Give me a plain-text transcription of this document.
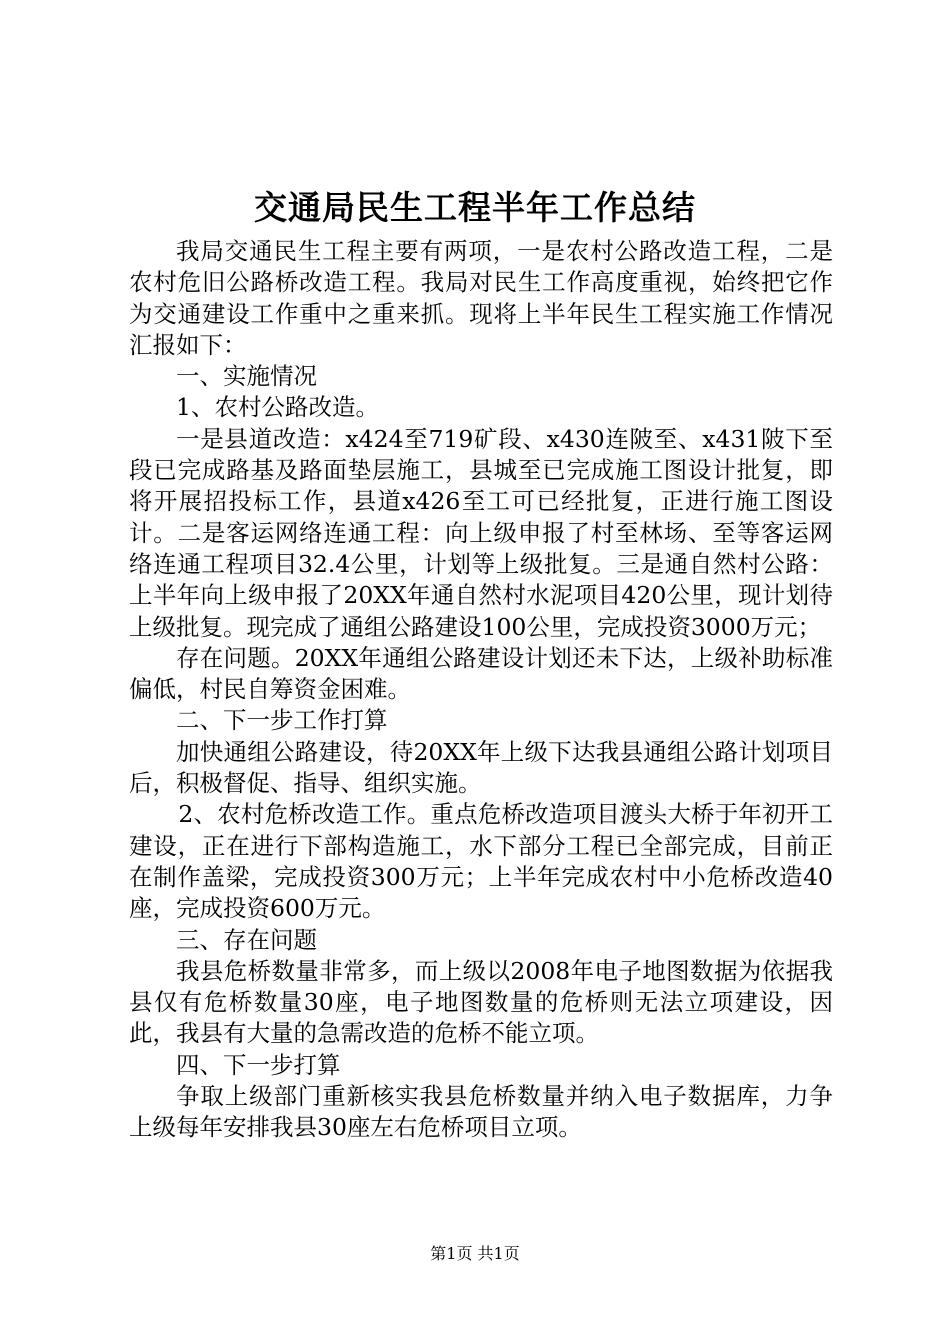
交通局民生工程半年工作总结

我局交通民生工程主要有两项，一是农村公路改造工程，二是农村危旧公路桥改造工程。我局对民生工作高度重视，始终把它作为交通建设工作重中之重来抓。现将上半年民生工程实施工作情况汇报如下：

一、实施情况

1、农村公路改造。

一是县道改造：x424至719矿段、x430连陂至、x431陂下至段已完成路基及路面垫层施工，县城至已完成施工图设计批复，即将开展招投标工作，县道x426至工可已经批复，正进行施工图设计。二是客运网络连通工程：向上级申报了村至林场、至等客运网络连通工程项目32.4公里，计划等上级批复。三是通自然村公路：上半年向上级申报了20XX年通自然村水泥项目420公里，现计划待上级批复。现完成了通组公路建设100公里，完成投资3000万元；

存在问题。20XX年通组公路建设计划还未下达，上级补助标准偏低，村民自筹资金困难。

二、下一步工作打算

加快通组公路建设，待20XX年上级下达我县通组公路计划项目后，积极督促、指导、组织实施。

2、农村危桥改造工作。重点危桥改造项目渡头大桥于年初开工建设，正在进行下部构造施工，水下部分工程已全部完成，目前正在制作盖梁，完成投资300万元；上半年完成农村中小危桥改造40座，完成投资600万元。

三、存在问题

我县危桥数量非常多，而上级以2008年电子地图数据为依据我县仅有危桥数量30座，电子地图数量的危桥则无法立项建设，因此，我县有大量的急需改造的危桥不能立项。

四、下一步打算

争取上级部门重新核实我县危桥数量并纳入电子数据库，力争上级每年安排我县30座左右危桥项目立项。

第1页 共1页
